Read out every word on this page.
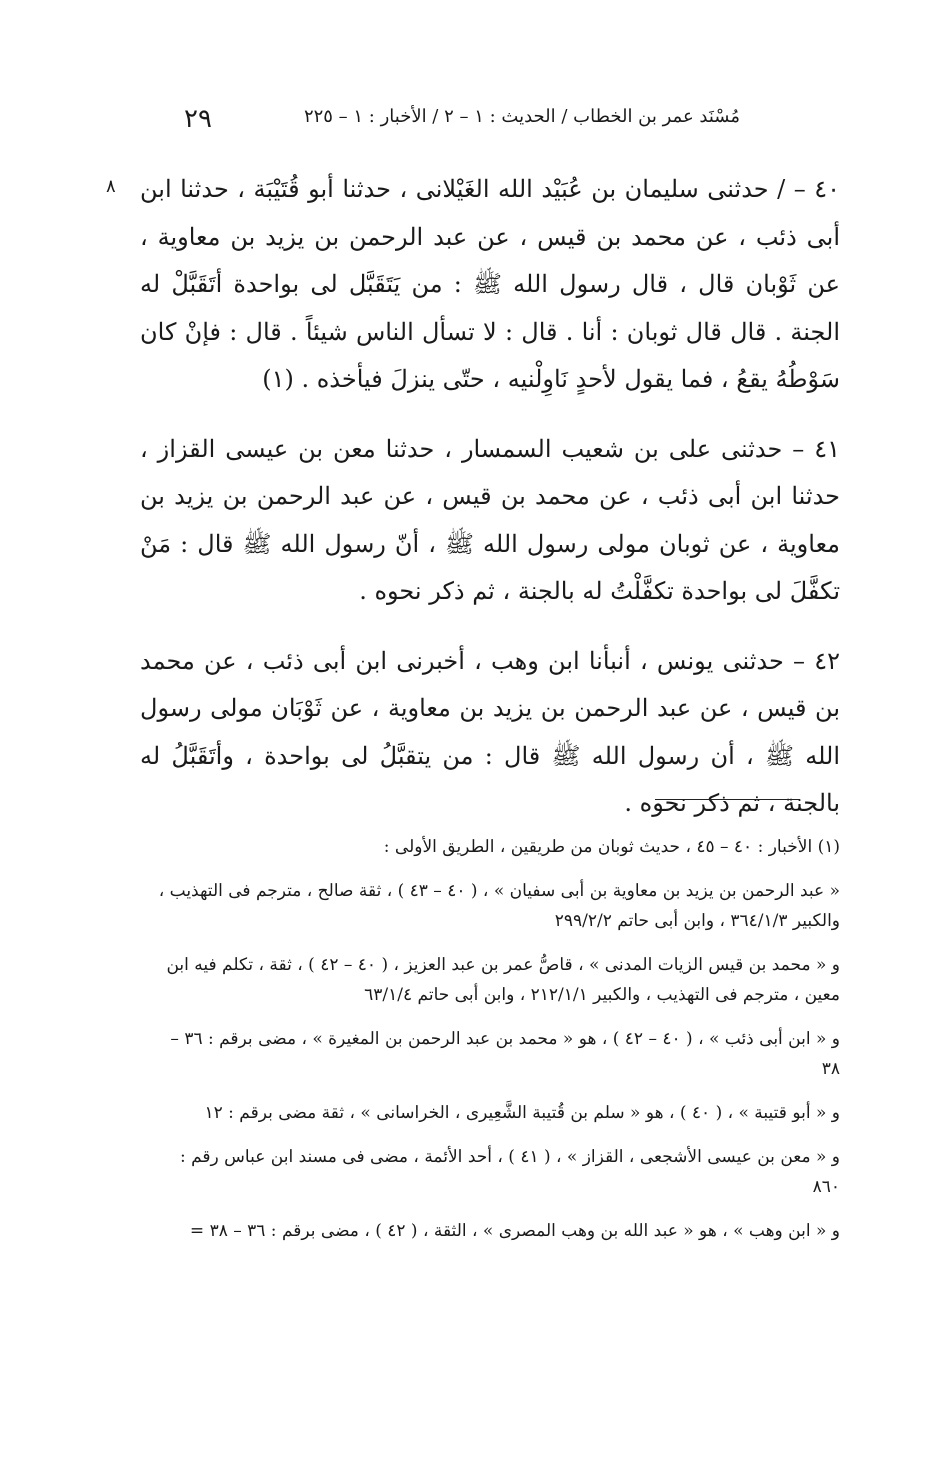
٢٩	مُسْنَد عمر بن الخطاب / الحديث : ١ – ٢ / الأخبار : ١ – ٢٢٥
٨ ٤٠ – / حدثنى سليمان بن عُبَيْد الله الغَيْلانى ، حدثنا أبو قُتَيْبَة ، حدثنا ابن أبى ذئب ، عن محمد بن قيس ، عن عبد الرحمن بن يزيد بن معاوية ، عن ثَوْبان قال ، قال رسول الله ﷺ : من يَتَقَبَّل لى بواحدة أتَقَبَّلْ له الجنة . قال قال ثوبان : أنا . قال : لا تسأل الناس شيئاً . قال : فإنْ كان سَوْطُهُ يقعُ ، فما يقول لأحدٍ نَاوِلْنيه ، حتّى ينزلَ فيأخذه . (١)

٤١ – حدثنى على بن شعيب السمسار ، حدثنا معن بن عيسى القزاز ، حدثنا ابن أبى ذئب ، عن محمد بن قيس ، عن عبد الرحمن بن يزيد بن معاوية ، عن ثوبان مولى رسول الله ﷺ ، أنّ رسول الله ﷺ قال : مَنْ تكفَّلَ لى بواحدة تكفَّلْتُ له بالجنة ، ثم ذكر نحوه .

٤٢ – حدثنى يونس ، أنبأنا ابن وهب ، أخبرنى ابن أبى ذئب ، عن محمد بن قيس ، عن عبد الرحمن بن يزيد بن معاوية ، عن ثَوْبَان مولى رسول الله ﷺ ، أن رسول الله ﷺ قال : من يتقبَّلُ لى بواحدة ، وأتَقَبَّلُ له بالجنة ، ثم ذكر نحوه .

(١) الأخبار : ٤٠ – ٤٥ ، حديث ثوبان من طريقين ، الطريق الأولى :

« عبد الرحمن بن يزيد بن معاوية بن أبى سفيان » ، ( ٤٠ – ٤٣ ) ، ثقة صالح ، مترجم فى التهذيب ، والكبير ٣٦٤/١/٣ ، وابن أبى حاتم ٢٩٩/٢/٢

و « محمد بن قيس الزيات المدنى » ، قاصُّ عمر بن عبد العزيز ، ( ٤٠ – ٤٢ ) ، ثقة ، تكلم فيه ابن معين ، مترجم فى التهذيب ، والكبير ٢١٢/١/١ ، وابن أبى حاتم ٦٣/١/٤

و « ابن أبى ذئب » ، ( ٤٠ – ٤٢ ) ، هو « محمد بن عبد الرحمن بن المغيرة » ، مضى برقم : ٣٦ – ٣٨

و « أبو قتيبة » ، ( ٤٠ ) ، هو « سلم بن قُتيبة الشَّعِيرى ، الخراسانى » ، ثقة مضى برقم : ١٢

و « معن بن عيسى الأشجعى ، القزاز » ، ( ٤١ ) ، أحد الأئمة ، مضى فى مسند ابن عباس رقم : ٨٦٠

و « ابن وهب » ، هو « عبد الله بن وهب المصرى » ، الثقة ، ( ٤٢ ) ، مضى برقم : ٣٦ – ٣٨ =
